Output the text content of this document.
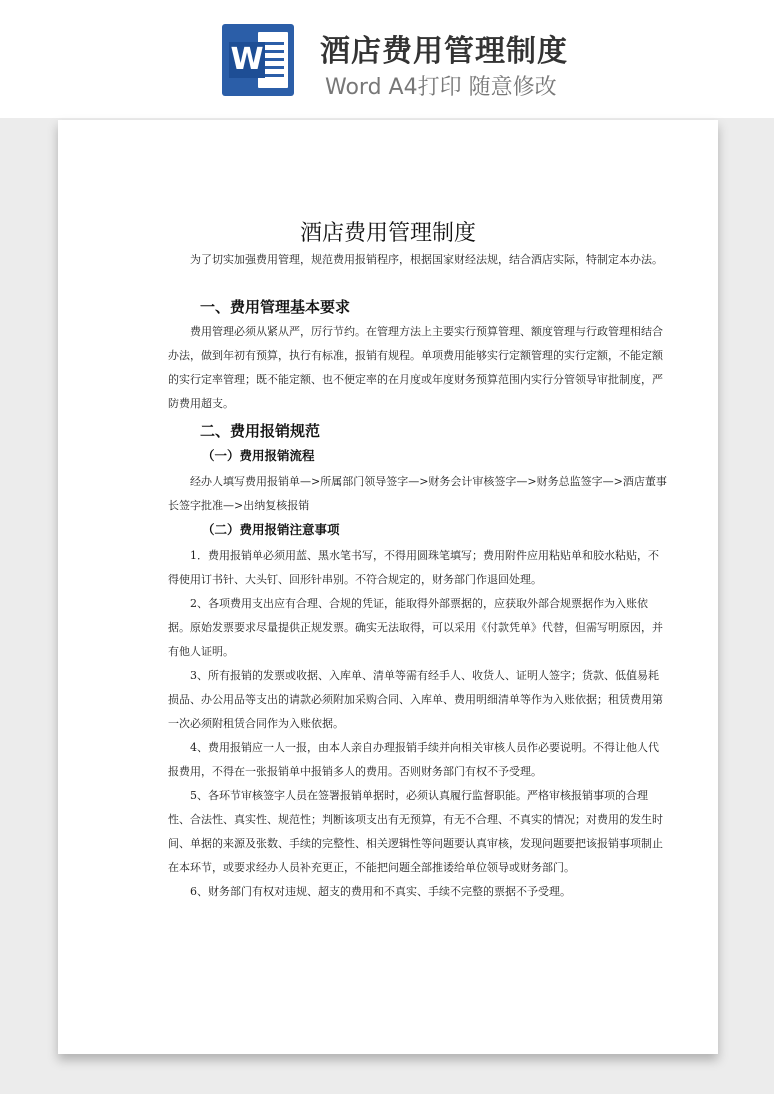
W 酒店费用管理制度
Word A4打印 随意修改
酒店费用管理制度

为了切实加强费用管理，规范费用报销程序，根据国家财经法规，结合酒店实际，特制定本办法。

一、费用管理基本要求

费用管理必须从紧从严，厉行节约。在管理方法上主要实行预算管理、额度管理与行政管理相结合办法，做到年初有预算，执行有标准，报销有规程。单项费用能够实行定额管理的实行定额，不能定额的实行定率管理；既不能定额、也不便定率的在月度或年度财务预算范围内实行分管领导审批制度，严防费用超支。

二、费用报销规范
（一）费用报销流程

经办人填写费用报销单—>所属部门领导签字—>财务会计审核签字—>财务总监签字—>酒店董事长签字批准—>出纳复核报销

（二）费用报销注意事项

1．费用报销单必须用蓝、黑水笔书写，不得用圆珠笔填写；费用附件应用粘贴单和胶水粘贴，不得使用订书针、大头钉、回形针串别。不符合规定的，财务部门作退回处理。

2、各项费用支出应有合理、合规的凭证，能取得外部票据的，应获取外部合规票据作为入账依据。原始发票要求尽量提供正规发票。确实无法取得，可以采用《付款凭单》代替，但需写明原因，并有他人证明。

3、所有报销的发票或收据、入库单、清单等需有经手人、收货人、证明人签字；货款、低值易耗损品、办公用品等支出的请款必须附加采购合同、入库单、费用明细清单等作为入账依据；租赁费用第一次必须附租赁合同作为入账依据。

4、费用报销应一人一报，由本人亲自办理报销手续并向相关审核人员作必要说明。不得让他人代报费用，不得在一张报销单中报销多人的费用。否则财务部门有权不予受理。

5、各环节审核签字人员在签署报销单据时，必须认真履行监督职能。严格审核报销事项的合理性、合法性、真实性、规范性；判断该项支出有无预算，有无不合理、不真实的情况；对费用的发生时间、单据的来源及张数、手续的完整性、相关逻辑性等问题要认真审核，发现问题要把该报销事项制止在本环节，或要求经办人员补充更正，不能把问题全部推诿给单位领导或财务部门。

6、财务部门有权对违规、超支的费用和不真实、手续不完整的票据不予受理。
